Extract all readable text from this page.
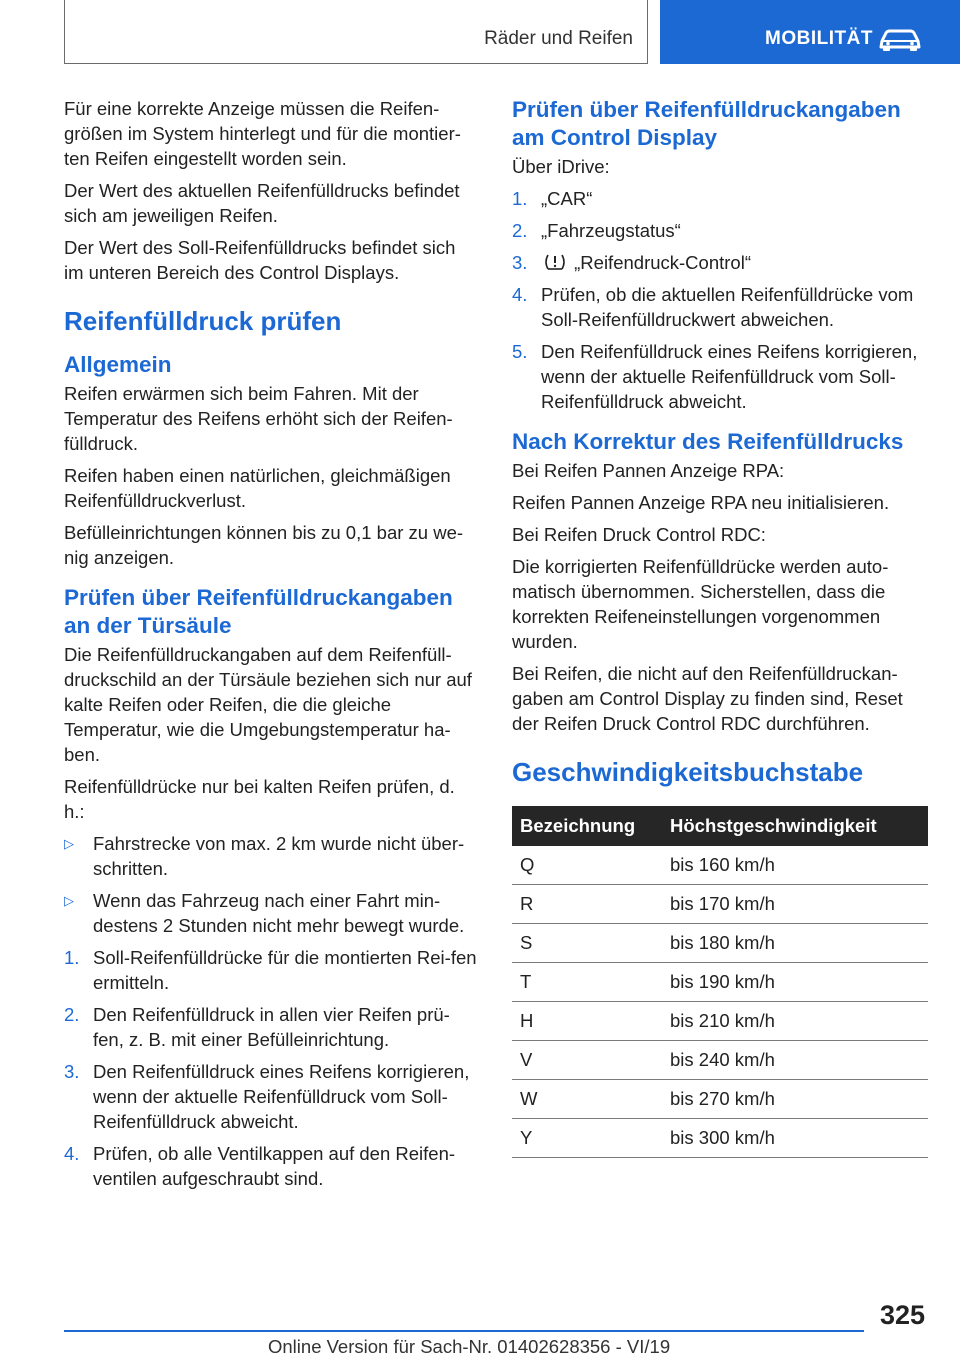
Räder und Reifen	MOBILITÄT

Für eine korrekte Anzeige müssen die Reifen-größen im System hinterlegt und für die montier-ten Reifen eingestellt worden sein.

Der Wert des aktuellen Reifenfülldrucks befindet sich am jeweiligen Reifen.

Der Wert des Soll-Reifenfülldrucks befindet sich im unteren Bereich des Control Displays.

Reifenfülldruck prüfen
Allgemein

Reifen erwärmen sich beim Fahren. Mit der Temperatur des Reifens erhöht sich der Reifen-fülldruck.

Reifen haben einen natürlichen, gleichmäßigen Reifenfülldruckverlust.

Befülleinrichtungen können bis zu 0,1 bar zu we-nig anzeigen.

Prüfen über Reifenfülldruckangaben an der Türsäule

Die Reifenfülldruckangaben auf dem Reifenfüll-druckschild an der Türsäule beziehen sich nur auf kalte Reifen oder Reifen, die die gleiche Temperatur, wie die Umgebungstemperatur ha-ben.

Reifenfülldrücke nur bei kalten Reifen prüfen, d. h.:

▷	Fahrstrecke von max. 2 km wurde nicht über-schritten.
▷	Wenn das Fahrzeug nach einer Fahrt min-destens 2 Stunden nicht mehr bewegt wurde.
1. Soll-Reifenfülldrücke für die montierten Rei-fen ermitteln.
2. Den Reifenfülldruck in allen vier Reifen prü-fen, z. B. mit einer Befülleinrichtung.
3. Den Reifenfülldruck eines Reifens korrigieren, wenn der aktuelle Reifenfülldruck vom Soll-Reifenfülldruck abweicht.
4. Prüfen, ob alle Ventilkappen auf den Reifen-ventilen aufgeschraubt sind.
Prüfen über Reifenfülldruckangaben am Control Display

Über iDrive:

1. „CAR“
2. „Fahrzeugstatus“
3.	„Reifendruck-Control“
4. Prüfen, ob die aktuellen Reifenfülldrücke vom Soll-Reifenfülldruckwert abweichen.
5. Den Reifenfülldruck eines Reifens korrigieren, wenn der aktuelle Reifenfülldruck vom Soll-Reifenfülldruck abweicht.
Nach Korrektur des Reifenfülldrucks

Bei Reifen Pannen Anzeige RPA:

Reifen Pannen Anzeige RPA neu initialisieren.

Bei Reifen Druck Control RDC:

Die korrigierten Reifenfülldrücke werden auto-matisch übernommen. Sicherstellen, dass die korrekten Reifeneinstellungen vorgenommen wurden.

Bei Reifen, die nicht auf den Reifenfülldruckan-gaben am Control Display zu finden sind, Reset der Reifen Druck Control RDC durchführen.

Geschwindigkeitsbuchstabe
Bezeichnung	Höchstgeschwindigkeit
Q	bis 160 km/h
R	bis 170 km/h
S	bis 180 km/h
T	bis 190 km/h
H	bis 210 km/h
V	bis 240 km/h
W	bis 270 km/h
Y	bis 300 km/h
325
Online Version für Sach-Nr. 01402628356 - VI/19
